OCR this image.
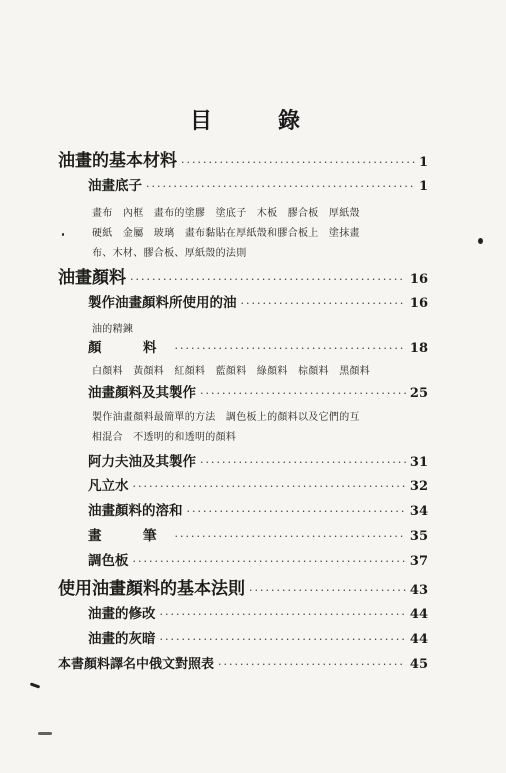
目	錄
油畫的基本材料 ·····	1
油畫底子 ·····	1
畫布　內框　畫布的塗膠　塗底子　木板　膠合板　厚紙殼
硬紙　金屬　玻璃　畫布黏貼在厚紙殼和膠合板上　塗抹畫
布、木材、膠合板、厚紙殼的法則
油畫顏料 ·····	16
製作油畫顏料所使用的油 ·····	16
油的精鍊
顏　料 ·····	18
白顏料　黃顏料　紅顏料　藍顏料　綠顏料　棕顏料　黑顏料
油畫顏料及其製作 ·····	25
製作油畫顏料最簡單的方法　調色板上的顏料以及它們的互
相混合　不透明的和透明的顏料
阿力夫油及其製作 ·····	31
凡立水 ·····	32
油畫顏料的溶和 ·····	34
畫　筆 ·····	35
調色板 ·····	37
使用油畫顏料的基本法則 ·····	43
油畫的修改 ·····	44
油畫的灰暗 ·····	44
本書顏料譯名中俄文對照表 ·····	45
